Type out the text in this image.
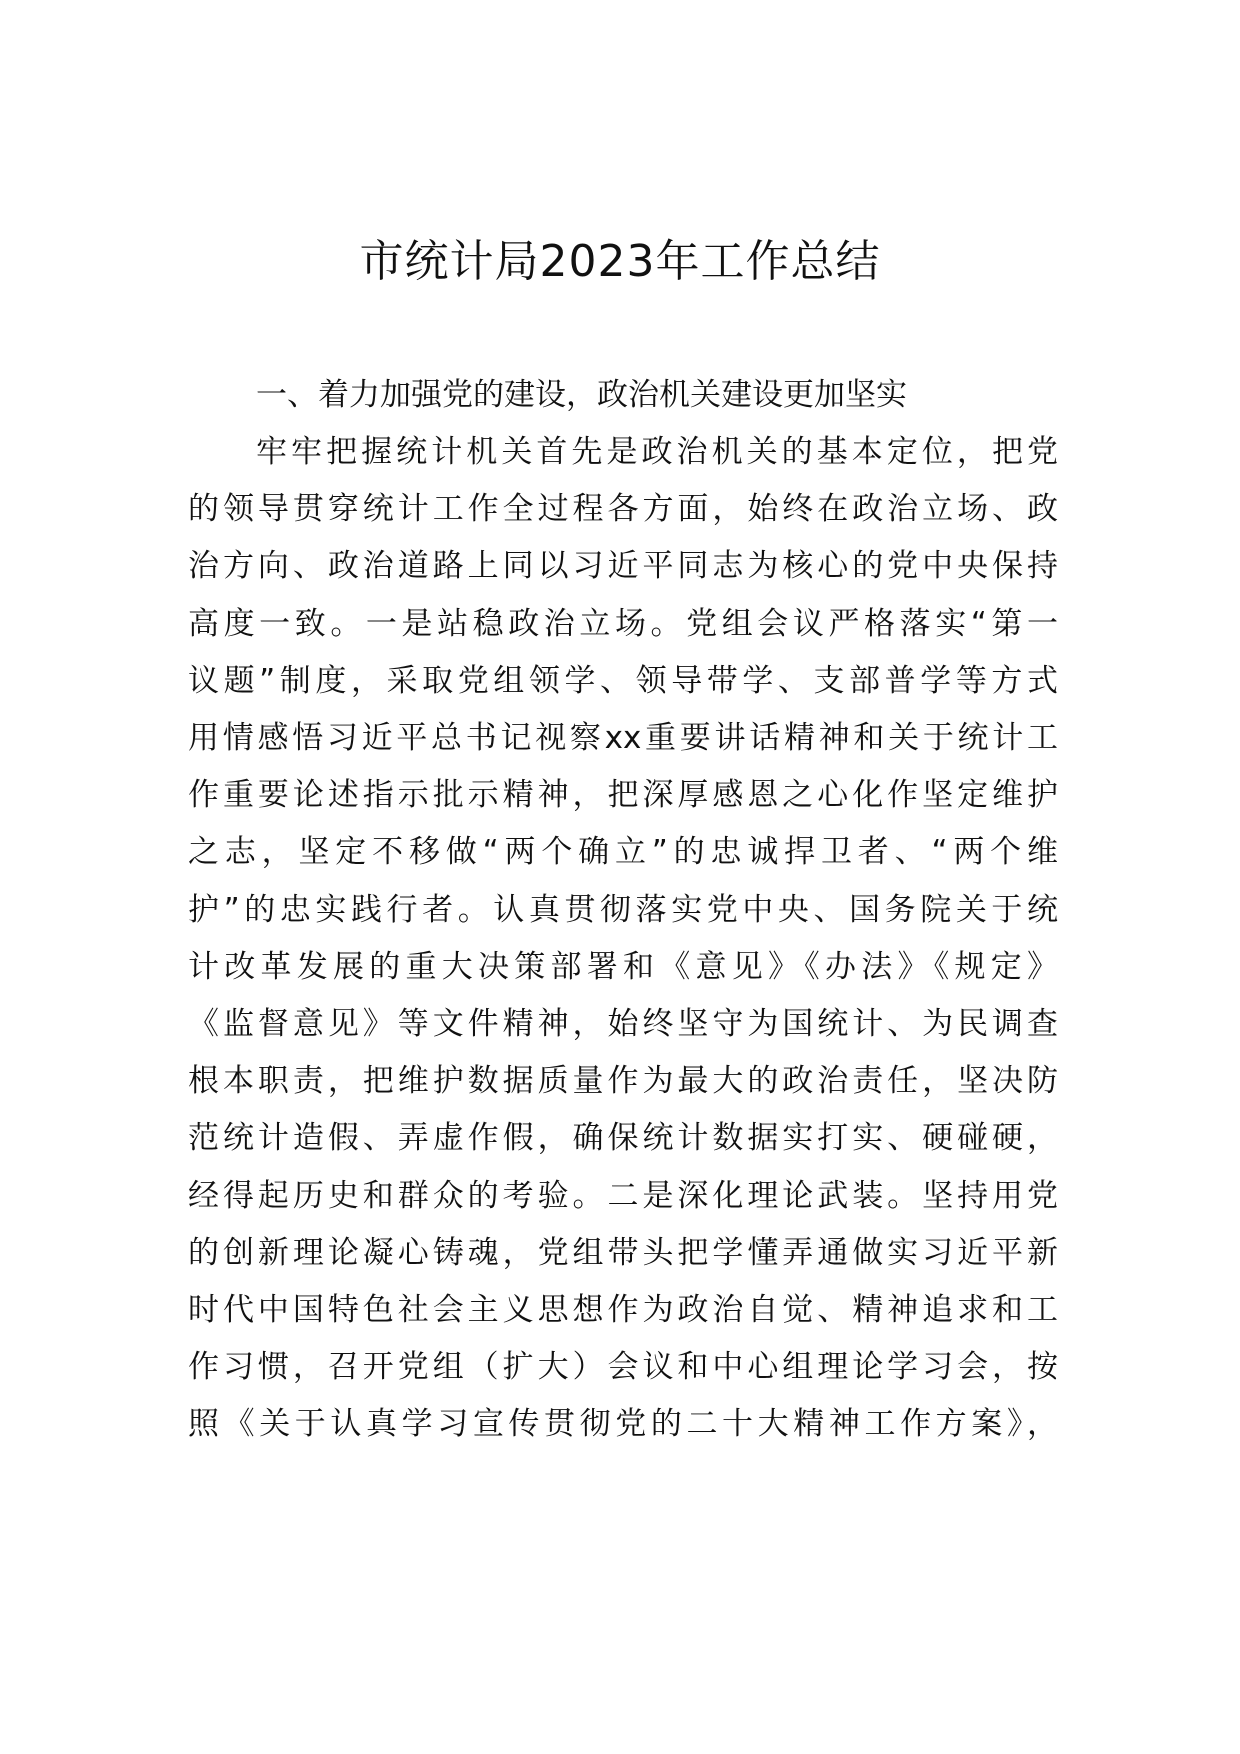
市统计局2023年工作总结
一、着力加强党的建设，政治机关建设更加坚实
牢牢把握统计机关首先是政治机关的基本定位，把党
的领导贯穿统计工作全过程各方面，始终在政治立场、政
治方向、政治道路上同以习近平同志为核心的党中央保持
高度一致。一是站稳政治立场。党组会议严格落实“第一
议题”制度，采取党组领学、领导带学、支部普学等方式
用情感悟习近平总书记视察xx重要讲话精神和关于统计工
作重要论述指示批示精神，把深厚感恩之心化作坚定维护
之志，坚定不移做“两个确立”的忠诚捍卫者、“两个维
护”的忠实践行者。认真贯彻落实党中央、国务院关于统
计改革发展的重大决策部署和《意见》《办法》《规定》
《监督意见》等文件精神，始终坚守为国统计、为民调查
根本职责，把维护数据质量作为最大的政治责任，坚决防
范统计造假、弄虚作假，确保统计数据实打实、硬碰硬，
经得起历史和群众的考验。二是深化理论武装。坚持用党
的创新理论凝心铸魂，党组带头把学懂弄通做实习近平新
时代中国特色社会主义思想作为政治自觉、精神追求和工
作习惯，召开党组（扩大）会议和中心组理论学习会，按
照《关于认真学习宣传贯彻党的二十大精神工作方案》，
